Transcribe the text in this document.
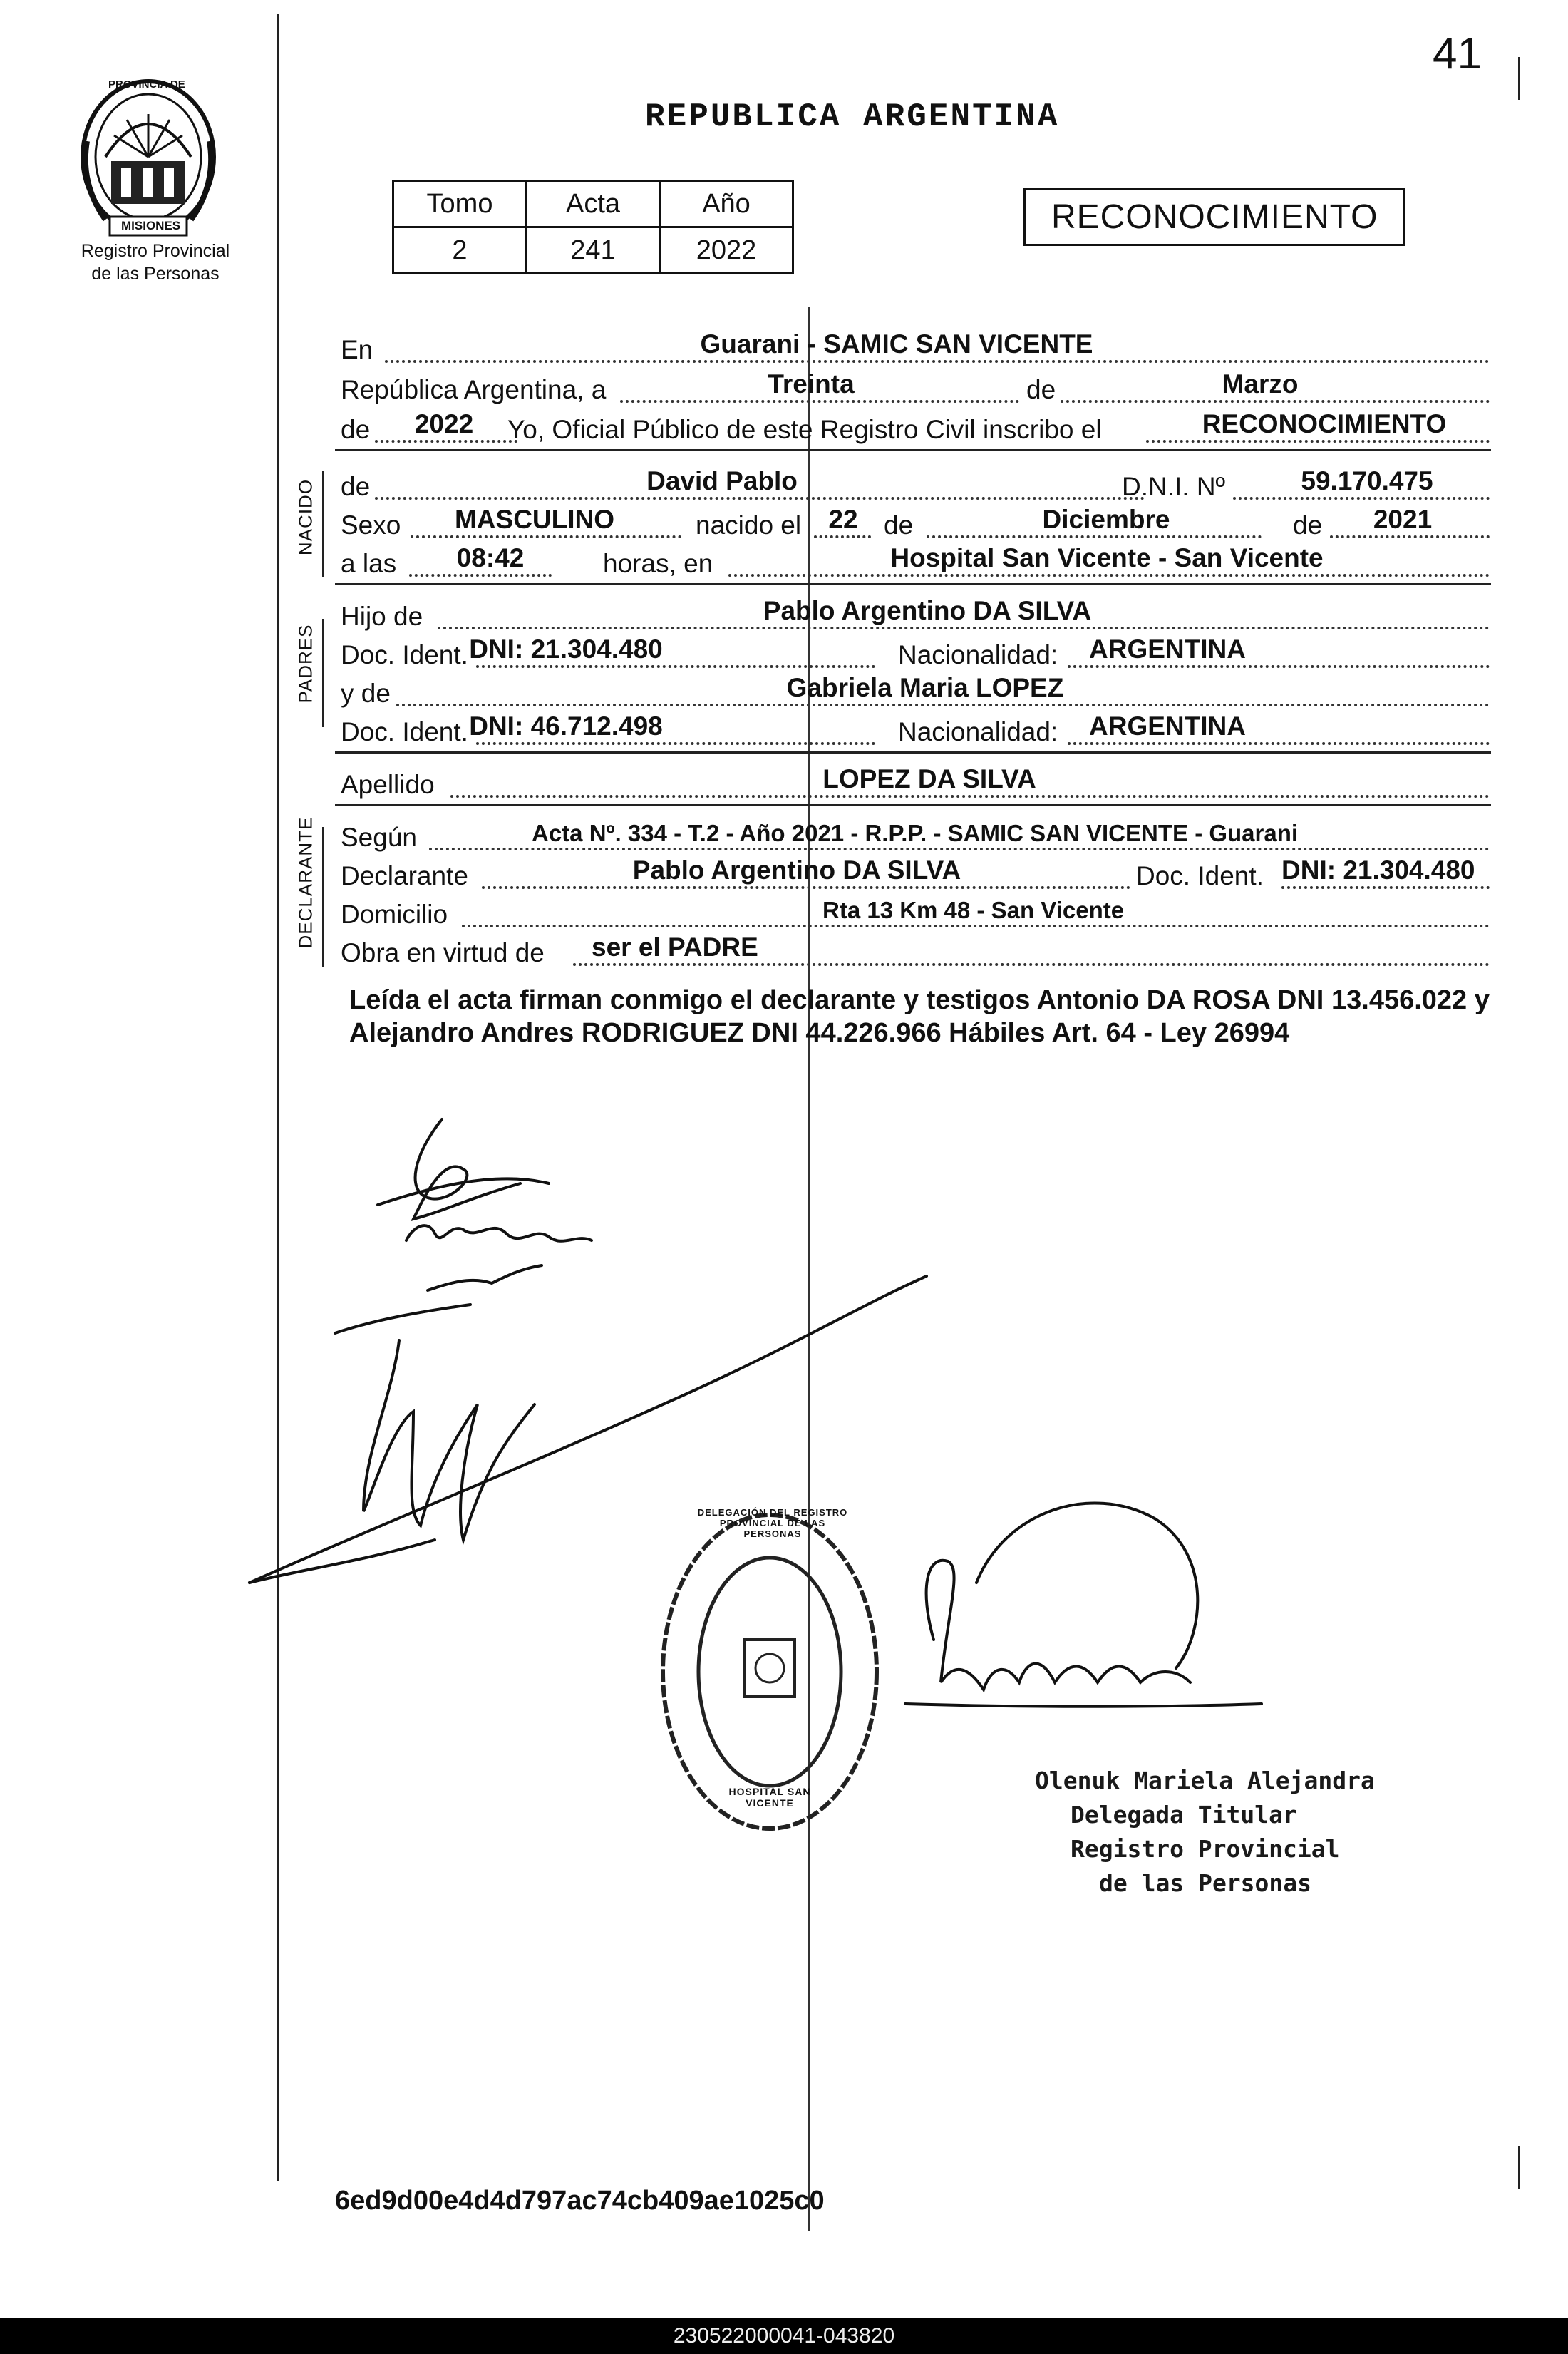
41
PROVINCIA DE
MISIONES
Registro Provincial
de las Personas
REPUBLICA ARGENTINA
Tomo	Acta	Año
2	241	2022
RECONOCIMIENTO
En	Guarani - SAMIC SAN VICENTE
República Argentina, a	Treinta	de	Marzo
de 2022 Yo, Oficial Público de este Registro Civil inscribo el	RECONOCIMIENTO
NACIDO de	David Pablo	D.N.I. Nº	59.170.475
Sexo MASCULINO	nacido el 22 de	Diciembre	de 2021
a las 08:42	horas, en	Hospital San Vicente - San Vicente
PADRES
Hijo de	Pablo Argentino DA SILVA
Doc. Ident. DNI: 21.304.480	Nacionalidad: ARGENTINA
y de	Gabriela Maria LOPEZ
Doc. Ident. DNI: 46.712.498	Nacionalidad: ARGENTINA
Apellido	LOPEZ DA SILVA
DECLARANTE Según	Acta Nº. 334 - T.2 - Año 2021 - R.P.P. - SAMIC SAN VICENTE - Guarani
Declarante	Pablo Argentino DA SILVA	Doc. Ident. DNI: 21.304.480
Domicilio	Rta 13 Km 48 - San Vicente
Obra en virtud de ser el PADRE
Leída el acta firman conmigo el declarante y testigos Antonio DA ROSA DNI 13.456.022 y Alejandro Andres RODRIGUEZ DNI 44.226.966 Hábiles Art. 64 - Ley 26994
DELEGACIÓN DEL REGISTRO PROVINCIAL DE LAS PERSONAS
HOSPITAL SAN VICENTE
Olenuk Mariela Alejandra
Delegada Titular
Registro Provincial
de las Personas
6ed9d00e4d4d797ac74cb409ae1025c0
230522000041-043820
